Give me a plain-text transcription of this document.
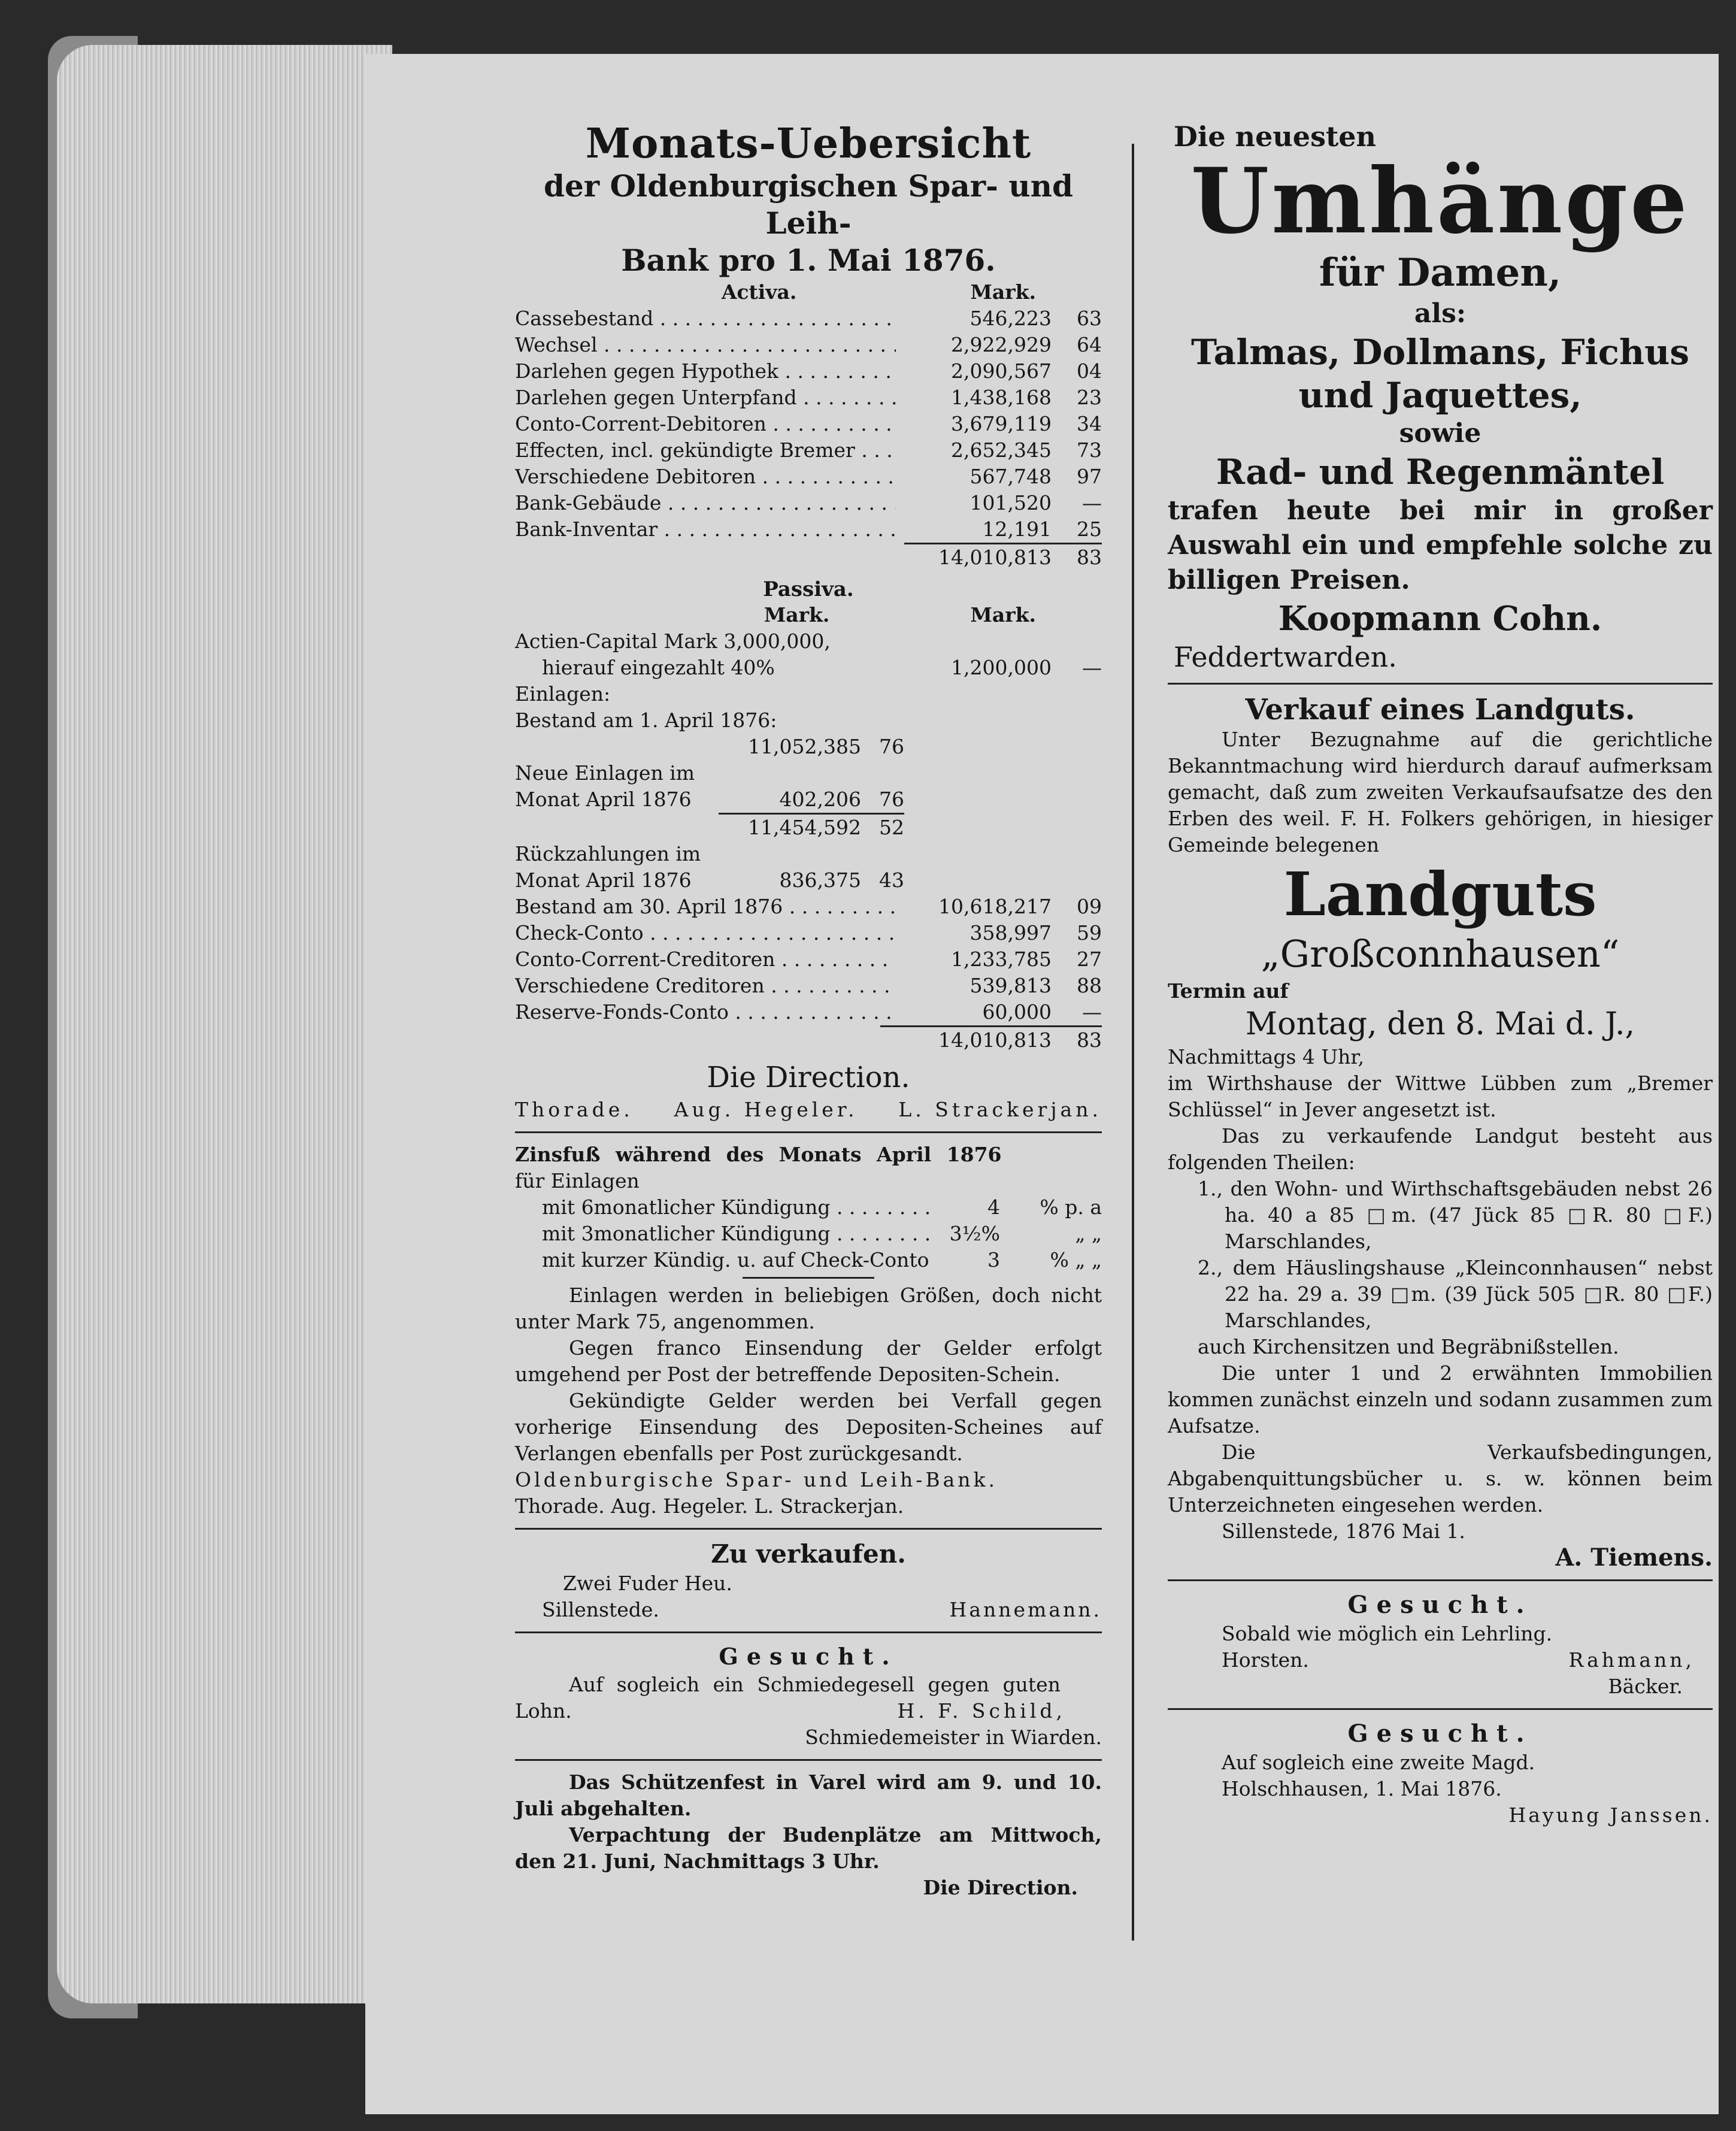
Monats-Uebersicht
der Oldenburgischen Spar- und Leih-
Bank pro 1. Mai 1876.
Activa.	Mark.
Cassebestand . . .	546,223	63
Wechsel . . .	2,922,929	64
Darlehen gegen Hypothek . . .	2,090,567	04
Darlehen gegen Unterpfand . . .	1,438,168	23
Conto-Corrent-Debitoren . . .	3,679,119	34
Effecten, incl. gekündigte Bremer . . .	2,652,345	73
Verschiedene Debitoren . . .	567,748	97
Bank-Gebäude . . .	101,520	—
Bank-Inventar . . .	12,191	25
14,010,813 83
Passiva.
Mark.	Mark.
Actien-Capital Mark 3,000,000,
hierauf eingezahlt 40%	1,200,000 —
Einlagen:
Bestand am 1. April 1876:
11,052,385 76
Neue Einlagen im
Monat April 1876	402,206 76
11,454,592 52
Rückzahlungen im
Monat April 1876	836,375 43
Bestand am 30. April 1876 . . .	10,618,217	09
Check-Conto . . .	358,997	59
Conto-Corrent-Creditoren . . .	1,233,785	27
Verschiedene Creditoren . . .	539,813	88
Reserve-Fonds-Conto . . .	60,000	—
14,010,813 83
Die Direction.
Thorade. Aug. Hegeler. L. Strackerjan.
Zinsfuß während des Monats April 1876
für Einlagen
mit 6monatlicher Kündigung . . .	4	% p. a
mit 3monatlicher Kündigung . . .	3½%	„ „
mit kurzer Kündig. u. auf Check-Conto . . .	3	% „ „

Einlagen werden in beliebigen Größen, doch nicht unter Mark 75, angenommen.

Gegen franco Einsendung der Gelder erfolgt umgehend per Post der betreffende Depositen-Schein.

Gekündigte Gelder werden bei Verfall gegen vorherige Einsendung des Depositen-Scheines auf Verlangen ebenfalls per Post zurückgesandt.

Oldenburgische Spar- und Leih-Bank.
Thorade. Aug. Hegeler. L. Strackerjan.
Zu verkaufen.
Zwei Fuder Heu.
Sillenstede.	Hannemann.
Gesucht.
Auf sogleich ein Schmiedegesell gegen guten
Lohn.	H. F. Schild,
Schmiedemeister in Wiarden.

Das Schützenfest in Varel wird am 9. und 10. Juli abgehalten.

Verpachtung der Budenplätze am Mittwoch, den 21. Juni, Nachmittags 3 Uhr.

Die Direction.
Die neuesten
Umhänge
für Damen,
als:
Talmas, Dollmans, Fichus
und Jaquettes,
sowie
Rad- und Regenmäntel

trafen heute bei mir in großer Auswahl ein und empfehle solche zu billigen Preisen.

Koopmann Cohn.
Feddertwarden.
Verkauf eines Landguts.

Unter Bezugnahme auf die gerichtliche Bekanntmachung wird hierdurch darauf aufmerksam gemacht, daß zum zweiten Verkaufsaufsatze des den Erben des weil. F. H. Folkers gehörigen, in hiesiger Gemeinde belegenen

Landguts
„Großconnhausen“
Termin auf
Montag, den 8. Mai d. J.,
Nachmittags 4 Uhr,

im Wirthshause der Wittwe Lübben zum „Bremer Schlüssel“ in Jever angesetzt ist.

Das zu verkaufende Landgut besteht aus folgenden Theilen:

1., den Wohn- und Wirthschaftsgebäuden nebst 26 ha. 40 a 85 □m. (47 Jück 85 □R. 80 □F.) Marschlandes,

2., dem Häuslingshause „Kleinconnhausen“ nebst 22 ha. 29 a. 39 □m. (39 Jück 505 □R. 80 □F.) Marschlandes,

auch Kirchensitzen und Begräbnißstellen.

Die unter 1 und 2 erwähnten Immobilien kommen zunächst einzeln und sodann zusammen zum Aufsatze.

Die Verkaufsbedingungen, Abgabenquittungsbücher u. s. w. können beim Unterzeichneten eingesehen werden.

Sillenstede, 1876 Mai 1.
A. Tiemens.
Gesucht.
Sobald wie möglich ein Lehrling.
Horsten.	Rahmann,
Bäcker.
Gesucht.
Auf sogleich eine zweite Magd.
Holschhausen, 1. Mai 1876.
Hayung Janssen.
